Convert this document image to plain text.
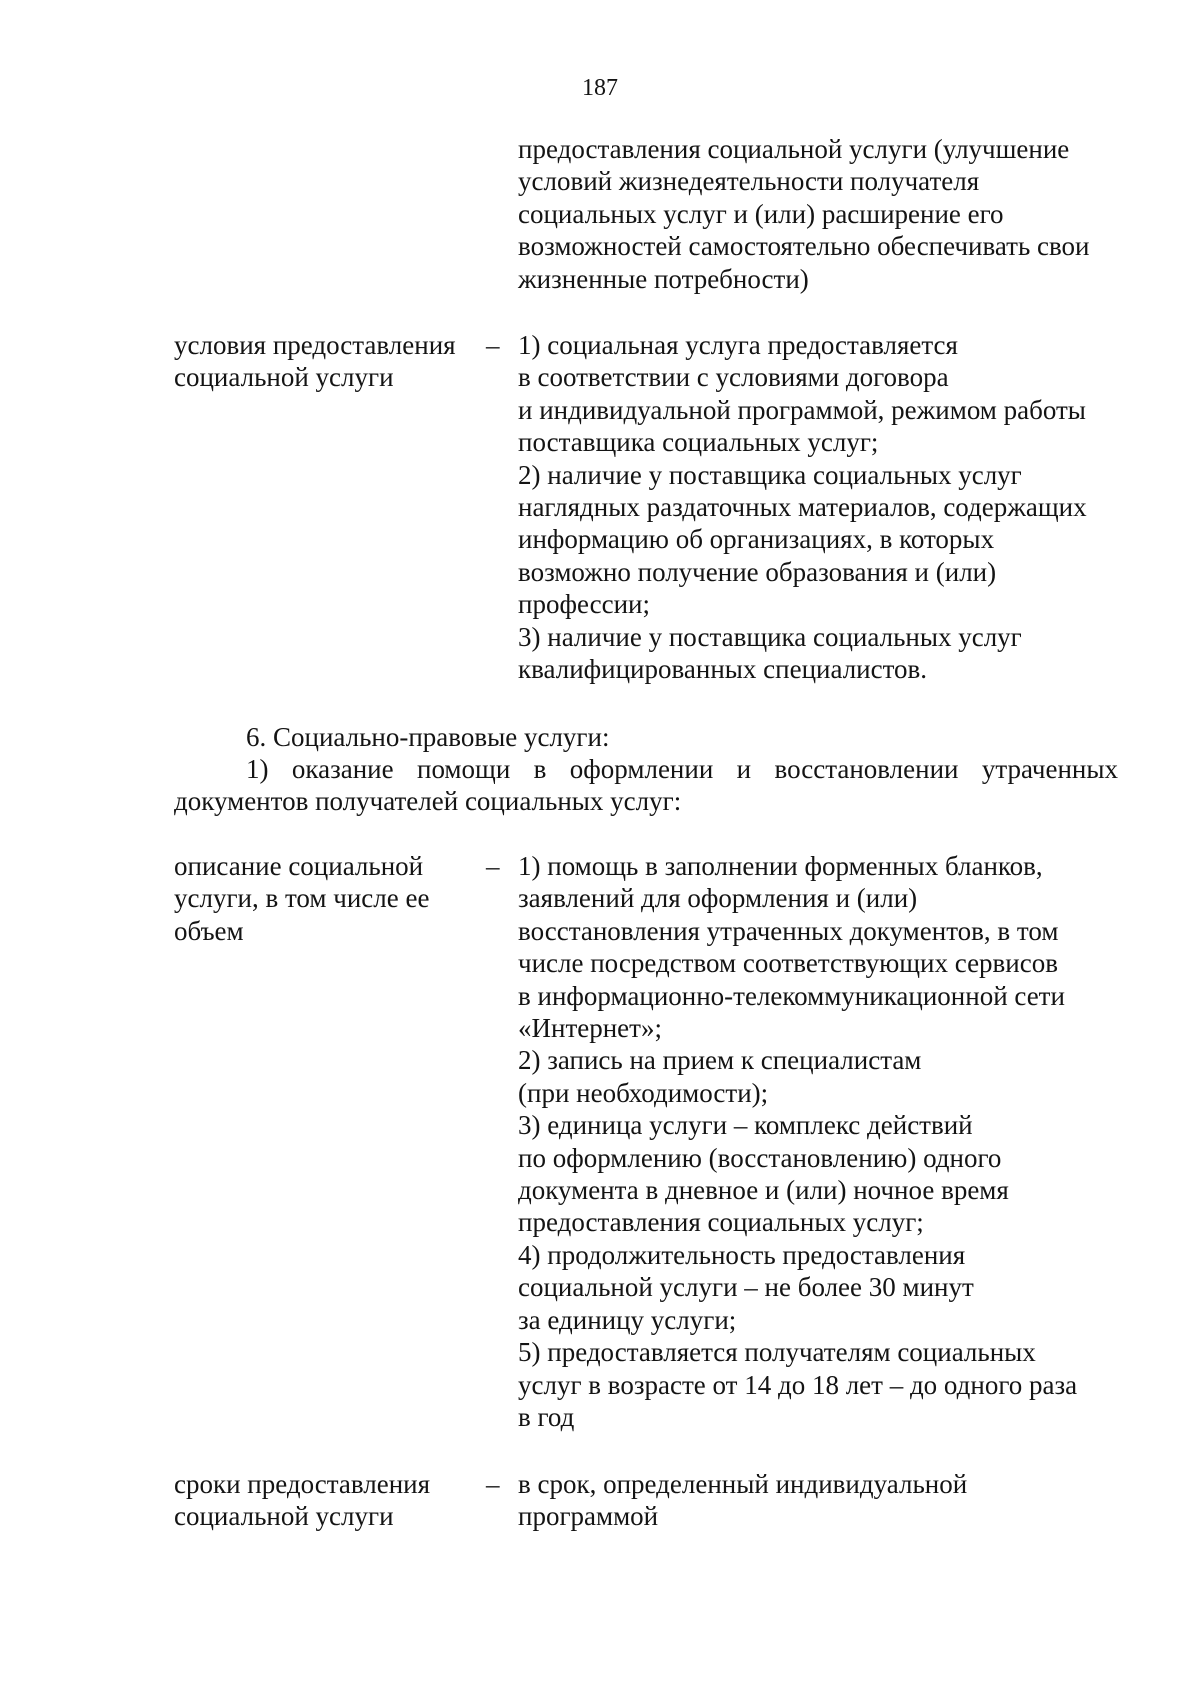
187
предоставления социальной услуги (улучшение
условий жизнедеятельности получателя
социальных услуг и (или) расширение его
возможностей самостоятельно обеспечивать свои
жизненные потребности)
условия предоставления
социальной услуги
– 1) социальная услуга предоставляется
в соответствии с условиями договора
и индивидуальной программой, режимом работы
поставщика социальных услуг;
2) наличие у поставщика социальных услуг
наглядных раздаточных материалов, содержащих
информацию об организациях, в которых
возможно получение образования и (или)
профессии;
3) наличие у поставщика социальных услуг
квалифицированных специалистов.
6. Социально-правовые услуги:
1) оказание помощи в оформлении и восстановлении утраченных
документов получателей социальных услуг:
описание социальной
услуги, в том числе ее
объем
– 1) помощь в заполнении форменных бланков,
заявлений для оформления и (или)
восстановления утраченных документов, в том
числе посредством соответствующих сервисов
в информационно-телекоммуникационной сети
«Интернет»;
2) запись на прием к специалистам
(при необходимости);
3) единица услуги – комплекс действий
по оформлению (восстановлению) одного
документа в дневное и (или) ночное время
предоставления социальных услуг;
4) продолжительность предоставления
социальной услуги – не более 30 минут
за единицу услуги;
5) предоставляется получателям социальных
услуг в возрасте от 14 до 18 лет – до одного раза
в год
сроки предоставления
социальной услуги
– в срок, определенный индивидуальной
программой
